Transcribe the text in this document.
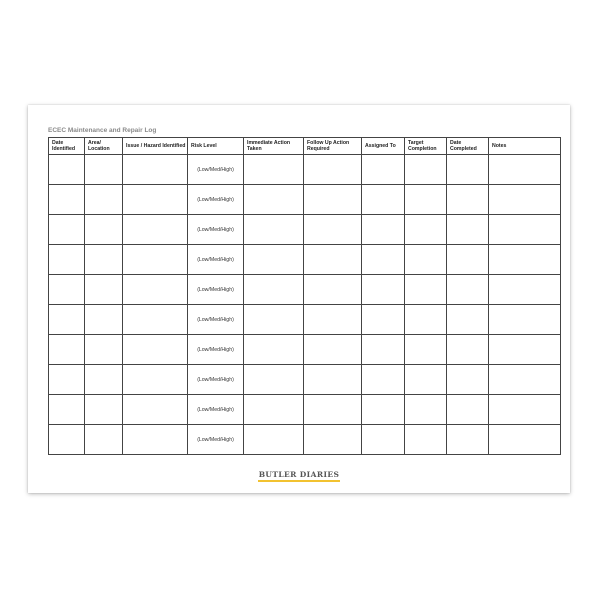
ECEC Maintenance and Repair Log
Date Identified	Area/ Location	Issue / Hazard Identified	Risk Level	Immediate Action Taken	Follow Up Action Required	Assigned To	Target Completion	Date Completed	Notes
			(Low/Med/High)						
			(Low/Med/High)						
			(Low/Med/High)						
			(Low/Med/High)						
			(Low/Med/High)						
			(Low/Med/High)						
			(Low/Med/High)						
			(Low/Med/High)						
			(Low/Med/High)						
			(Low/Med/High)						
BUTLER DIARIES
